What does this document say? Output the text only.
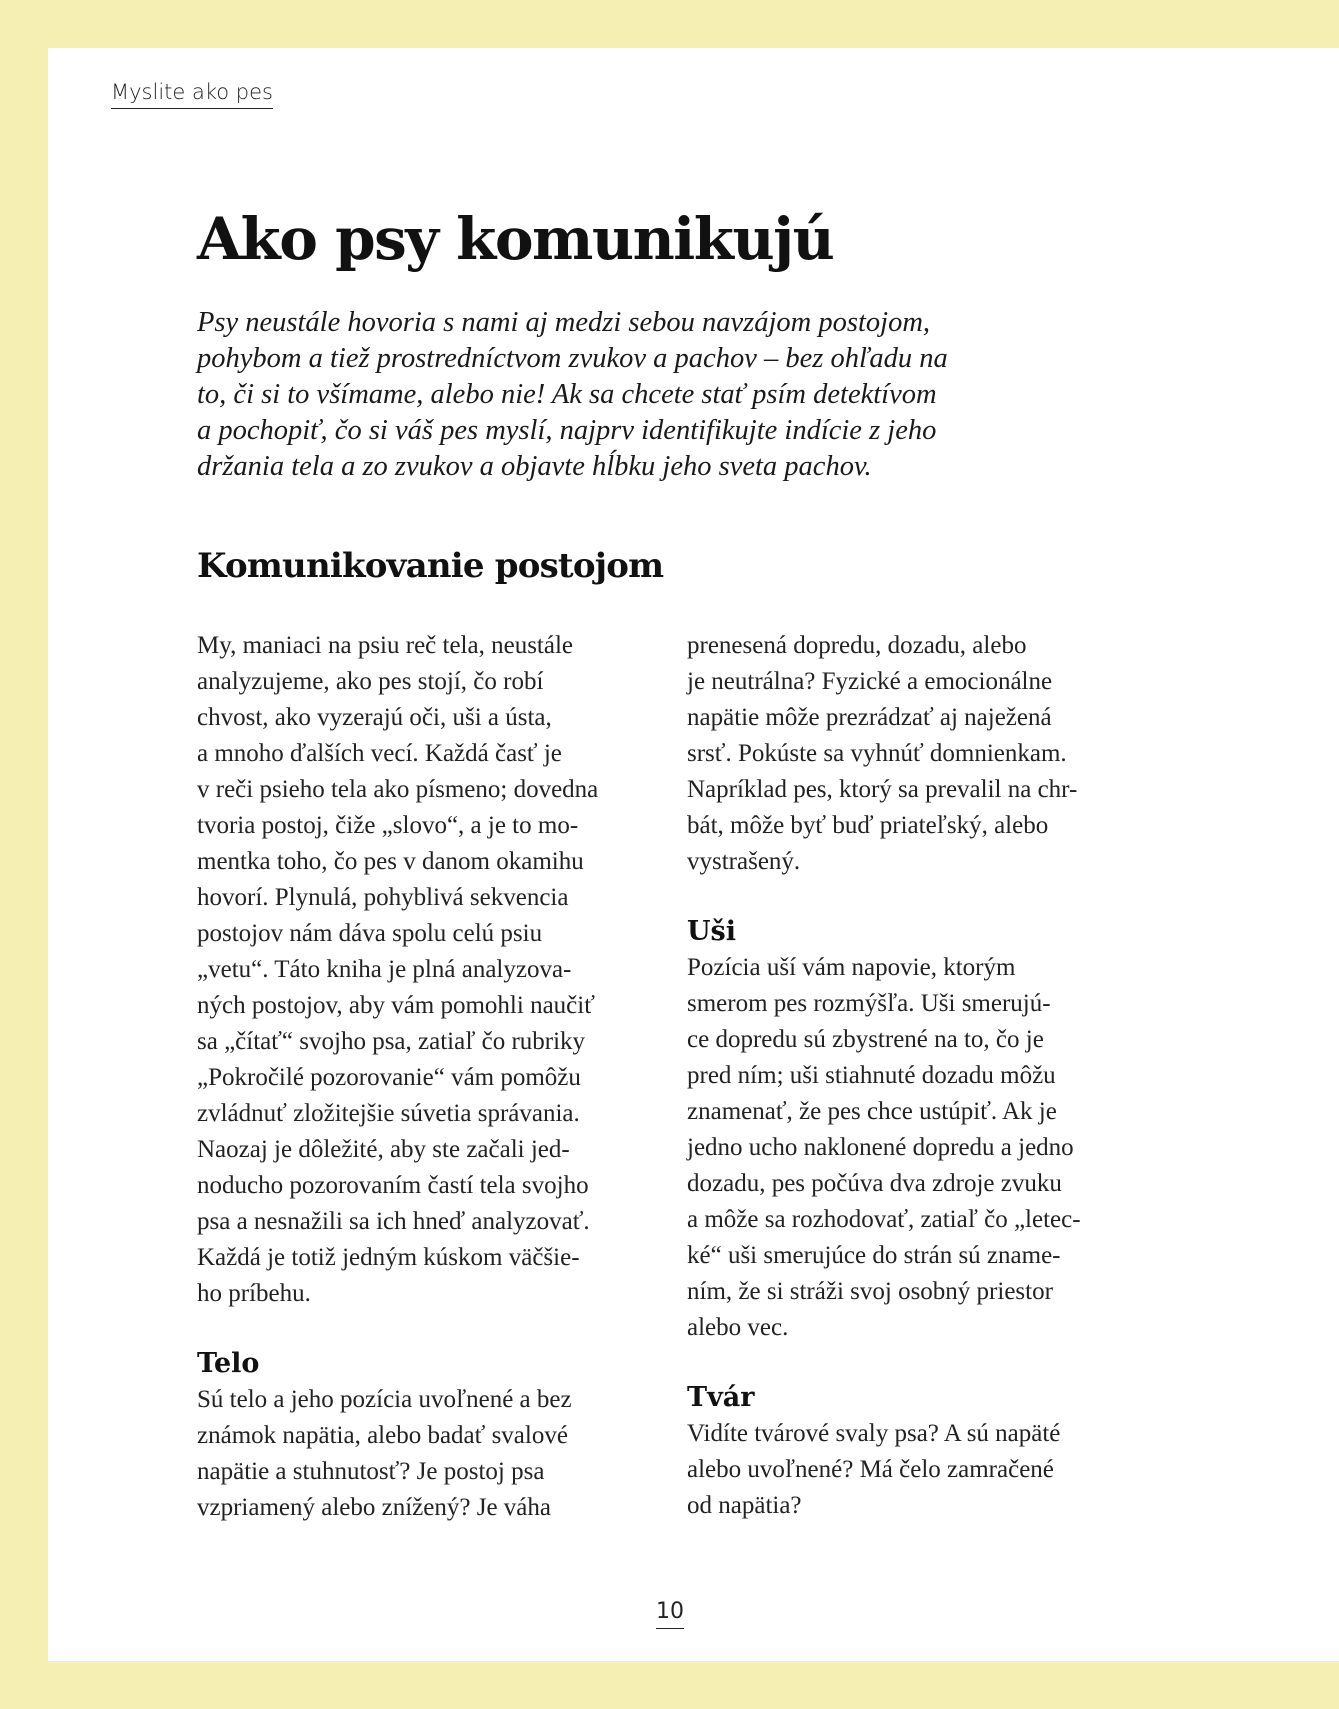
Myslite ako pes
Ako psy komunikujú

Psy neustále hovoria s nami aj medzi sebou navzájom postojom,
pohybom a tiež prostredníctvom zvukov a pachov – bez ohľadu na
to, či si to všímame, alebo nie! Ak sa chcete stať psím detektívom
a pochopiť, čo si váš pes myslí, najprv identifikujte indície z jeho
držania tela a zo zvukov a objavte hĺbku jeho sveta pachov.

Komunikovanie postojom
My, maniaci na psiu reč tela, neustále
analyzujeme, ako pes stojí, čo robí
chvost, ako vyzerajú oči, uši a ústa,
a mnoho ďalších vecí. Každá časť je
v reči psieho tela ako písmeno; dovedna
tvoria postoj, čiže „slovo“, a je to mo-
mentka toho, čo pes v danom okamihu
hovorí. Plynulá, pohyblivá sekvencia
postojov nám dáva spolu celú psiu
„vetu“. Táto kniha je plná analyzova-
ných postojov, aby vám pomohli naučiť
sa „čítať“ svojho psa, zatiaľ čo rubriky
„Pokročilé pozorovanie“ vám pomôžu
zvládnuť zložitejšie súvetia správania.
Naozaj je dôležité, aby ste začali jed-
noducho pozorovaním častí tela svojho
psa a nesnažili sa ich hneď analyzovať.
Každá je totiž jedným kúskom väčšie-
ho príbehu.
Telo
Sú telo a jeho pozícia uvoľnené a bez
známok napätia, alebo badať svalové
napätie a stuhnutosť? Je postoj psa
vzpriamený alebo znížený? Je váha
prenesená dopredu, dozadu, alebo
je neutrálna? Fyzické a emocionálne
napätie môže prezrádzať aj naježená
srsť. Pokúste sa vyhnúť domnienkam.
Napríklad pes, ktorý sa prevalil na chr-
bát, môže byť buď priateľský, alebo
vystrašený.
Uši
Pozícia uší vám napovie, ktorým
smerom pes rozmýšľa. Uši smerujú-
ce dopredu sú zbystrené na to, čo je
pred ním; uši stiahnuté dozadu môžu
znamenať, že pes chce ustúpiť. Ak je
jedno ucho naklonené dopredu a jedno
dozadu, pes počúva dva zdroje zvuku
a môže sa rozhodovať, zatiaľ čo „letec-
ké“ uši smerujúce do strán sú zname-
ním, že si stráži svoj osobný priestor
alebo vec.
Tvár
Vidíte tvárové svaly psa? A sú napäté
alebo uvoľnené? Má čelo zamračené
od napätia?
10
